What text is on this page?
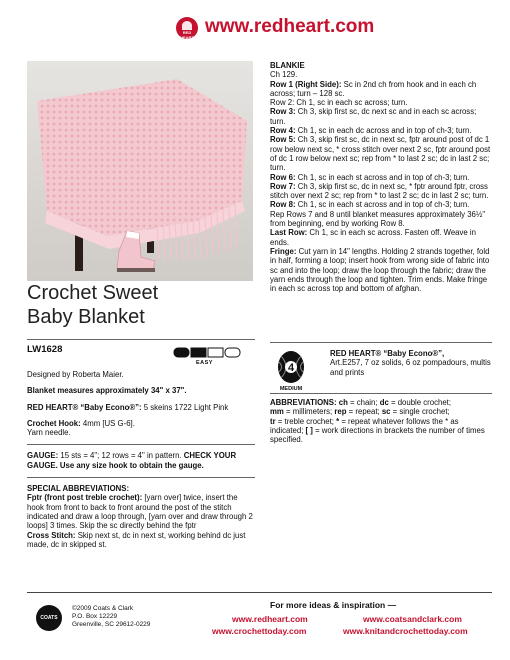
RED HEART
www.redheart.com
Crochet Sweet
Baby Blanket
LW1628
EASY

Designed by Roberta Maier.

Blanket measures approximately 34" x 37".

RED HEART® “Baby Econo®”: 5 skeins 1722 Light Pink

Crochet Hook: 4mm [US G-6].

Yarn needle.

GAUGE: 15 sts = 4"; 12 rows = 4" in pattern. CHECK YOUR GAUGE. Use any size hook to obtain the gauge.

SPECIAL ABBREVIATIONS:

Fptr (front post treble crochet): [yarn over] twice, insert the hook from front to back to front around the post of the stitch indicated and draw a loop through, [yarn over and draw through 2 loops] 3 times. Skip the sc directly behind the fptr

Cross Stitch: Skip next st, dc in next st, working behind dc just made, dc in skipped st.

BLANKIE

Ch 129.

Row 1 (Right Side): Sc in 2nd ch from hook and in each ch across; turn – 128 sc.

Row 2: Ch 1, sc in each sc across; turn.

Row 3: Ch 3, skip first sc, dc next sc and in each sc across; turn.

Row 4: Ch 1, sc in each dc across and in top of ch-3; turn.

Row 5: Ch 3, skip first sc, dc in next sc, fptr around post of dc 1 row below next sc, * cross stitch over next 2 sc, fptr around post of dc 1 row below next sc; rep from * to last 2 sc; dc in last 2 sc; turn.

Row 6: Ch 1, sc in each st across and in top of ch-3; turn.

Row 7: Ch 3, skip first sc, dc in next sc, * fptr around fptr, cross stitch over next 2 sc; rep from * to last 2 sc; dc in last 2 sc; turn.

Row 8: Ch 1, sc in each st across and in top of ch-3; turn.

Rep Rows 7 and 8 until blanket measures approximately 36½" from beginning, end by working Row 8.

Last Row: Ch 1, sc in each sc across. Fasten off. Weave in ends.

Fringe: Cut yarn in 14" lengths. Holding 2 strands together, fold in half, forming a loop; insert hook from wrong side of fabric into sc and into the loop; draw the loop through the fabric; draw the yarn ends through the loop and tighten. Trim ends. Make fringe in each sc across top and bottom of afghan.

4
MEDIUM
RED HEART® “Baby Econo®”,
Art.E257, 7 oz solids, 6 oz pompadours, multis and prints
ABBREVIATIONS: ch = chain; dc = double crochet;
mm = millimeters; rep = repeat; sc = single crochet;
tr = treble crochet; * = repeat whatever follows the * as indicated; [ ] = work directions in brackets the number of times specified.
COATS
©2009 Coats & Clark
P.O. Box 12229
Greenville, SC 29612-0229
For more ideas & inspiration —
www.redheart.com	www.coatsandclark.com
www.crochettoday.com	www.knitandcrochettoday.com
